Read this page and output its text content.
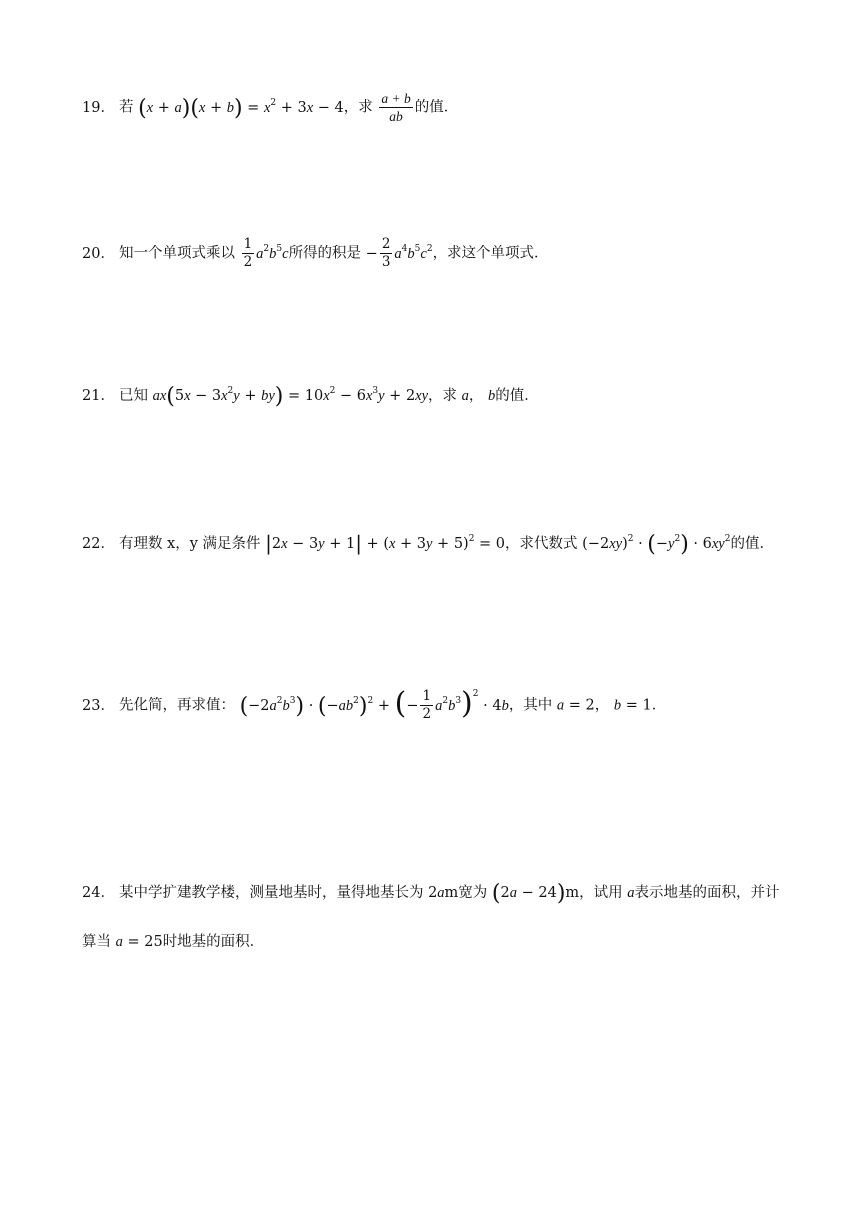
19． 若 $(x + a)(x + b) = x^2 + 3x - 4$，求 $\frac{a + b}{ab}$ 的值．
20． 知一个单项式乘以 $\frac{1}{2} a^2b^5c$所得的积是 − $\frac{2}{3} a^4b^5c^2$，求这个单项式．
21． 已知 $ax(5x - 3x^2y + by) = 10x^2 - 6x^3y + 2xy$，求 a， b的值．
22． 有理数 x，y 满足条件 $|2x - 3y + 1| + (x + 3y + 5)^2 = 0$，求代数式 $(-2xy)^2 \cdot (-y^2) \cdot 6xy^2$的值．
23． 先化简，再求值： $(-2a^2b^3) \cdot (-ab^2)^2$ + (− $\frac{1}{2} a^2b^3)^2 \cdot 4b$，其中 a = 2， b = 1．
24． 某中学扩建教学楼，测量地基时，量得地基长为 2am宽为 (2a − 24)m，试用 a表示地基的面积，并计
算当 a = 25时地基的面积．
